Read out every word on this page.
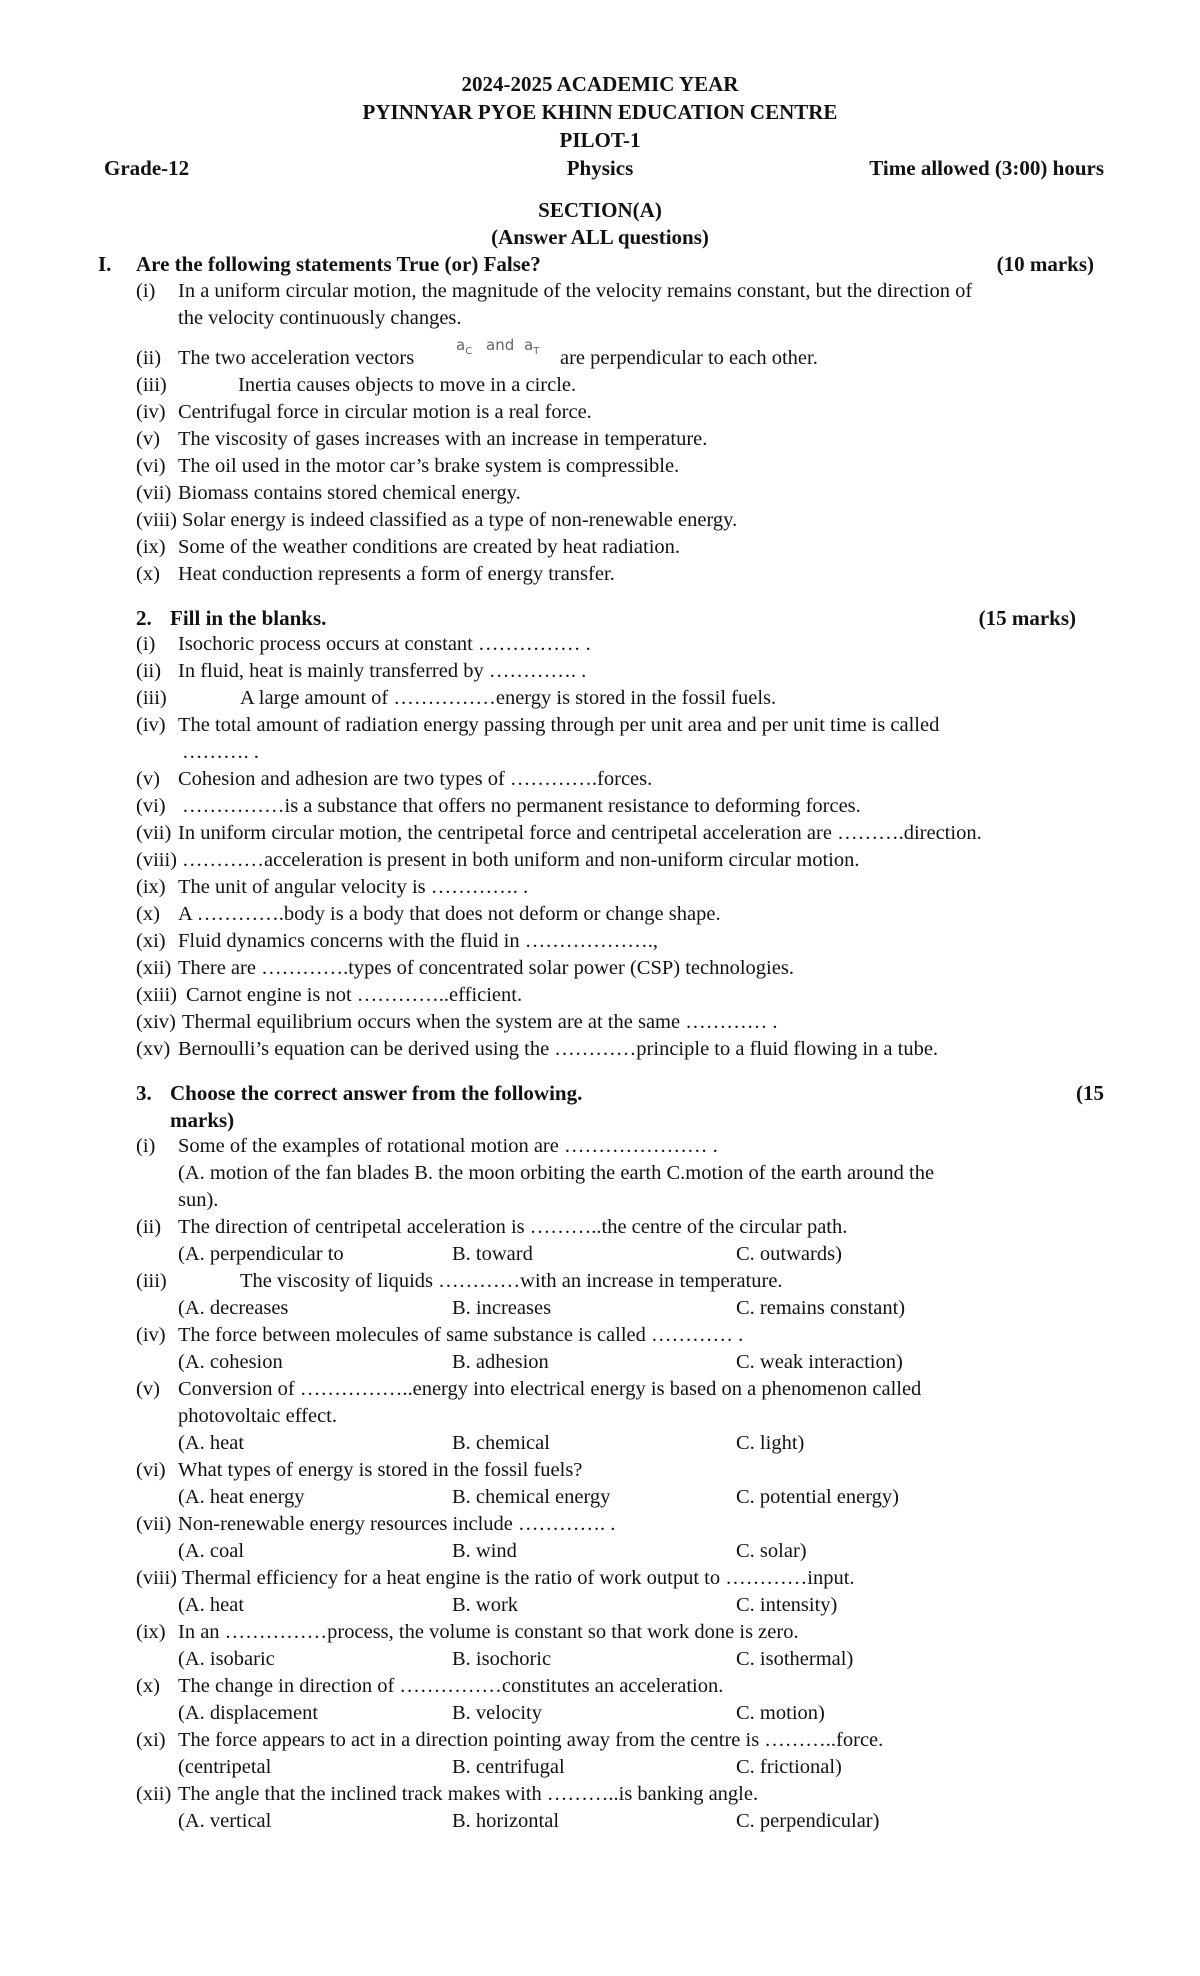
2024-2025 ACADEMIC YEAR
PYINNYAR PYOE KHINN EDUCATION CENTRE
PILOT-1
Grade-12	Physics	Time allowed (3:00) hours
SECTION(A)
(Answer ALL questions)
I. Are the following statements True (or) False?	(10 marks)
(i) In a uniform circular motion, the magnitude of the velocity remains constant, but the direction of
the velocity continuously changes.
(ii) The two acceleration vectors
$a_C$ and $a_T$ are perpendicular to each other.
(iii)	Inertia causes objects to move in a circle.
(iv) Centrifugal force in circular motion is a real force.
(v) The viscosity of gases increases with an increase in temperature.
(vi) The oil used in the motor car’s brake system is compressible.
(vii) Biomass contains stored chemical energy.
(viii) Solar energy is indeed classified as a type of non-renewable energy.
(ix) Some of the weather conditions are created by heat radiation.
(x) Heat conduction represents a form of energy transfer.
2. Fill in the blanks.	(15 marks)
(i) Isochoric process occurs at constant …………… .
(ii) In fluid, heat is mainly transferred by …………. .
(iii)	A large amount of ……………energy is stored in the fossil fuels.
(iv) The total amount of radiation energy passing through per unit area and per unit time is called
………. .
(v) Cohesion and adhesion are two types of ………….forces.
(vi) ……………is a substance that offers no permanent resistance to deforming forces.
(vii) In uniform circular motion, the centripetal force and centripetal acceleration are ……….direction.
(viii) …………acceleration is present in both uniform and non-uniform circular motion.
(ix) The unit of angular velocity is …………. .
(x) A ………….body is a body that does not deform or change shape.
(xi) Fluid dynamics concerns with the fluid in ……………….,
(xii) There are ………….types of concentrated solar power (CSP) technologies.
(xiii) Carnot engine is not …………..efficient.
(xiv) Thermal equilibrium occurs when the system are at the same ………… .
(xv) Bernoulli’s equation can be derived using the …………principle to a fluid flowing in a tube.
3. Choose the correct answer from the following.	(15
marks)
(i) Some of the examples of rotational motion are ………………… .
(A. motion of the fan blades B. the moon orbiting the earth C.motion of the earth around the
sun).
(ii) The direction of centripetal acceleration is ………..the centre of the circular path.
(A. perpendicular to	B. toward	C. outwards)
(iii)	The viscosity of liquids …………with an increase in temperature.
(A. decreases	B. increases	C. remains constant)
(iv) The force between molecules of same substance is called ………… .
(A. cohesion	B. adhesion	C. weak interaction)
(v) Conversion of ……………..energy into electrical energy is based on a phenomenon called
photovoltaic effect.
(A. heat	B. chemical	C. light)
(vi) What types of energy is stored in the fossil fuels?
(A. heat energy	B. chemical energy	C. potential energy)
(vii) Non-renewable energy resources include …………. .
(A. coal	B. wind	C. solar)
(viii) Thermal efficiency for a heat engine is the ratio of work output to …………input.
(A. heat	B. work	C. intensity)
(ix) In an ……………process, the volume is constant so that work done is zero.
(A. isobaric	B. isochoric	C. isothermal)
(x) The change in direction of ……………constitutes an acceleration.
(A. displacement	B. velocity	C. motion)
(xi) The force appears to act in a direction pointing away from the centre is ………..force.
(centripetal	B. centrifugal	C. frictional)
(xii) The angle that the inclined track makes with ………..is banking angle.
(A. vertical	B. horizontal	C. perpendicular)
